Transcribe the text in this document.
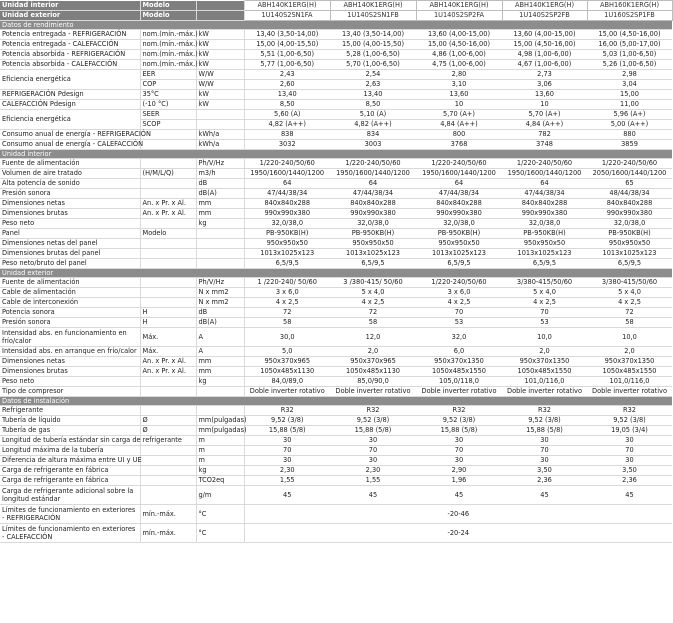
Unidad interior	Modelo		ABH140K1ERG(H)	ABH140K1ERG(H)	ABH140K1ERG(H)	ABH140K1ERG(H)	ABH160K1ERG(H)
Unidad exterior	Modelo		1U140S2SN1FA	1U140S2SN1FB	1U140S2SP2FA	1U140S2SP2FB	1U160S2SP1FB
Datos de rendimiento							
Potencia entregada - REFRIGERACIÓN	nom.(mín.-máx.)	kW	13,40 (3,50-14,00)	13,40 (3,50-14,00)	13,60 (4,00-15,00)	13,60 (4,00-15,00)	15,00 (4,50-16,00)
Potencia entregada - CALEFACCIÓN	nom.(mín.-máx.)	kW	15,00 (4,00-15,50)	15,00 (4,00-15,50)	15,00 (4,50-16,00)	15,00 (4,50-16,00)	16,00 (5,00-17,00)
Potencia absorbida - REFRIGERACIÓN	nom.(mín.-máx.)	kW	5,51 (1,00-6,50)	5,28 (1,00-6,50)	4,86 (1,00-6,00)	4,98 (1,00-6,00)	5,03 (1,00-6,50)
Potencia absorbida - CALEFACCIÓN	nom.(mín.-máx.)	kW	5,77 (1,00-6,50)	5,70 (1,00-6,50)	4,75 (1,00-6,00)	4,67 (1,00-6,00)	5,26 (1,00-6,50)
Eficiencia energética	EER	W/W	2,43	2,54	2,80	2,73	2,98
	COP	W/W	2,60	2,63	3,10	3,06	3,04
REFRIGERACIÓN Pdesign	35°C	kW	13,40	13,40	13,60	13,60	15,00
CALEFACCIÓN Pdesign	(-10 °C)	kW	8,50	8,50	10	10	11,00
Eficiencia energética	SEER		5,60 (A)	5,10 (A)	5,70 (A+)	5,70 (A+)	5,96 (A+)
	SCOP		4,82 (A++)	4,82 (A++)	4,84 (A++)	4,84 (A++)	5,00 (A++)
Consumo anual de energía - REFRIGERACIÓN		kWh/a	838	834	800	782	880
Consumo anual de energía - CALEFACCIÓN		kWh/a	3032	3003	3768	3748	3859
Unidad interior							
Fuente de alimentación		Ph/V/Hz	1/220-240/50/60	1/220-240/50/60	1/220-240/50/60	1/220-240/50/60	1/220-240/50/60
Volumen de aire tratado	(H/M/L/Q)	m3/h	1950/1600/1440/1200	1950/1600/1440/1200	1950/1600/1440/1200	1950/1600/1440/1200	2050/1600/1440/1200
Alta potencia de sonido		dB	64	64	64	64	65
Presión sonora		dB(A)	47/44/38/34	47/44/38/34	47/44/38/34	47/44/38/34	48/44/38/34
Dimensiones netas	An. x Pr. x Al.	mm	840x840x288	840x840x288	840x840x288	840x840x288	840x840x288
Dimensiones brutas	An. x Pr. x Al.	mm	990x990x380	990x990x380	990x990x380	990x990x380	990x990x380
Peso neto		kg	32,0/38,0	32,0/38,0	32,0/38,0	32,0/38,0	32,0/38,0
Panel	Modelo		PB-950KB(H)	PB-950KB(H)	PB-950KB(H)	PB-950KB(H)	PB-950KB(H)
Dimensiones netas del panel			950x950x50	950x950x50	950x950x50	950x950x50	950x950x50
Dimensiones brutas del panel			1013x1025x123	1013x1025x123	1013x1025x123	1013x1025x123	1013x1025x123
Peso neto/bruto del panel			6,5/9,5	6,5/9,5	6,5/9,5	6,5/9,5	6,5/9,5
Unidad exterior							
Fuente de alimentación		Ph/V/Hz	1 /220-240/ 50/60	3 /380-415/ 50/60	1/220-240/50/60	3/380-415/50/60	3/380-415/50/60
Cable de alimentación		N x mm2	3 x 6,0	5 x 4,0	3 x 6,0	5 x 4,0	5 x 4,0
Cable de interconexión		N x mm2	4 x 2,5	4 x 2,5	4 x 2,5	4 x 2,5	4 x 2,5
Potencia sonora	H	dB	72	72	70	70	72
Presión sonora	H	dB(A)	58	58	53	53	58
Intensidad abs. en funcionamiento en frío/calor	Máx.	A	30,0	12,0	32,0	10,0	10,0
Intensidad abs. en arranque en frío/calor	Máx.	A	5,0	2,0	6,0	2,0	2,0
Dimensiones netas	An. x Pr. x Al.	mm	950x370x965	950x370x965	950x370x1350	950x370x1350	950x370x1350
Dimensiones brutas	An. x Pr. x Al.	mm	1050x485x1130	1050x485x1130	1050x485x1550	1050x485x1550	1050x485x1550
Peso neto		kg	84,0/89,0	85,0/90,0	105,0/118,0	101,0/116,0	101,0/116,0
Tipo de compresor			Doble inverter rotativo	Doble inverter rotativo	Doble inverter rotativo	Doble inverter rotativo	Doble inverter rotativo
Datos de instalación							
Refrigerante			R32	R32	R32	R32	R32
Tubería de líquido	Ø	mm(pulgadas)	9,52 (3/8)	9,52 (3/8)	9,52 (3/8)	9,52 (3/8)	9,52 (3/8)
Tubería de gas	Ø	mm(pulgadas)	15,88 (5/8)	15,88 (5/8)	15,88 (5/8)	15,88 (5/8)	19,05 (3/4)
Longitud de tubería estándar sin carga de refrigerante		m	30	30	30	30	30
Longitud máxima de la tubería		m	70	70	70	70	70
Diferencia de altura máxima entre UI y UE		m	30	30	30	30	30
Carga de refrigerante en fábrica		kg	2,30	2,30	2,90	3,50	3,50
Carga de refrigerante en fábrica		TCO2eq	1,55	1,55	1,96	2,36	2,36
Carga de refrigerante adicional sobre la longitud estándar		g/m	45	45	45	45	45
Límites de funcionamiento en exteriores - REFRIGERACIÓN	mín.-máx.	°C	-20-46				
Límites de funcionamiento en exteriores - CALEFACCIÓN	mín.-máx.	°C	-20-24				
